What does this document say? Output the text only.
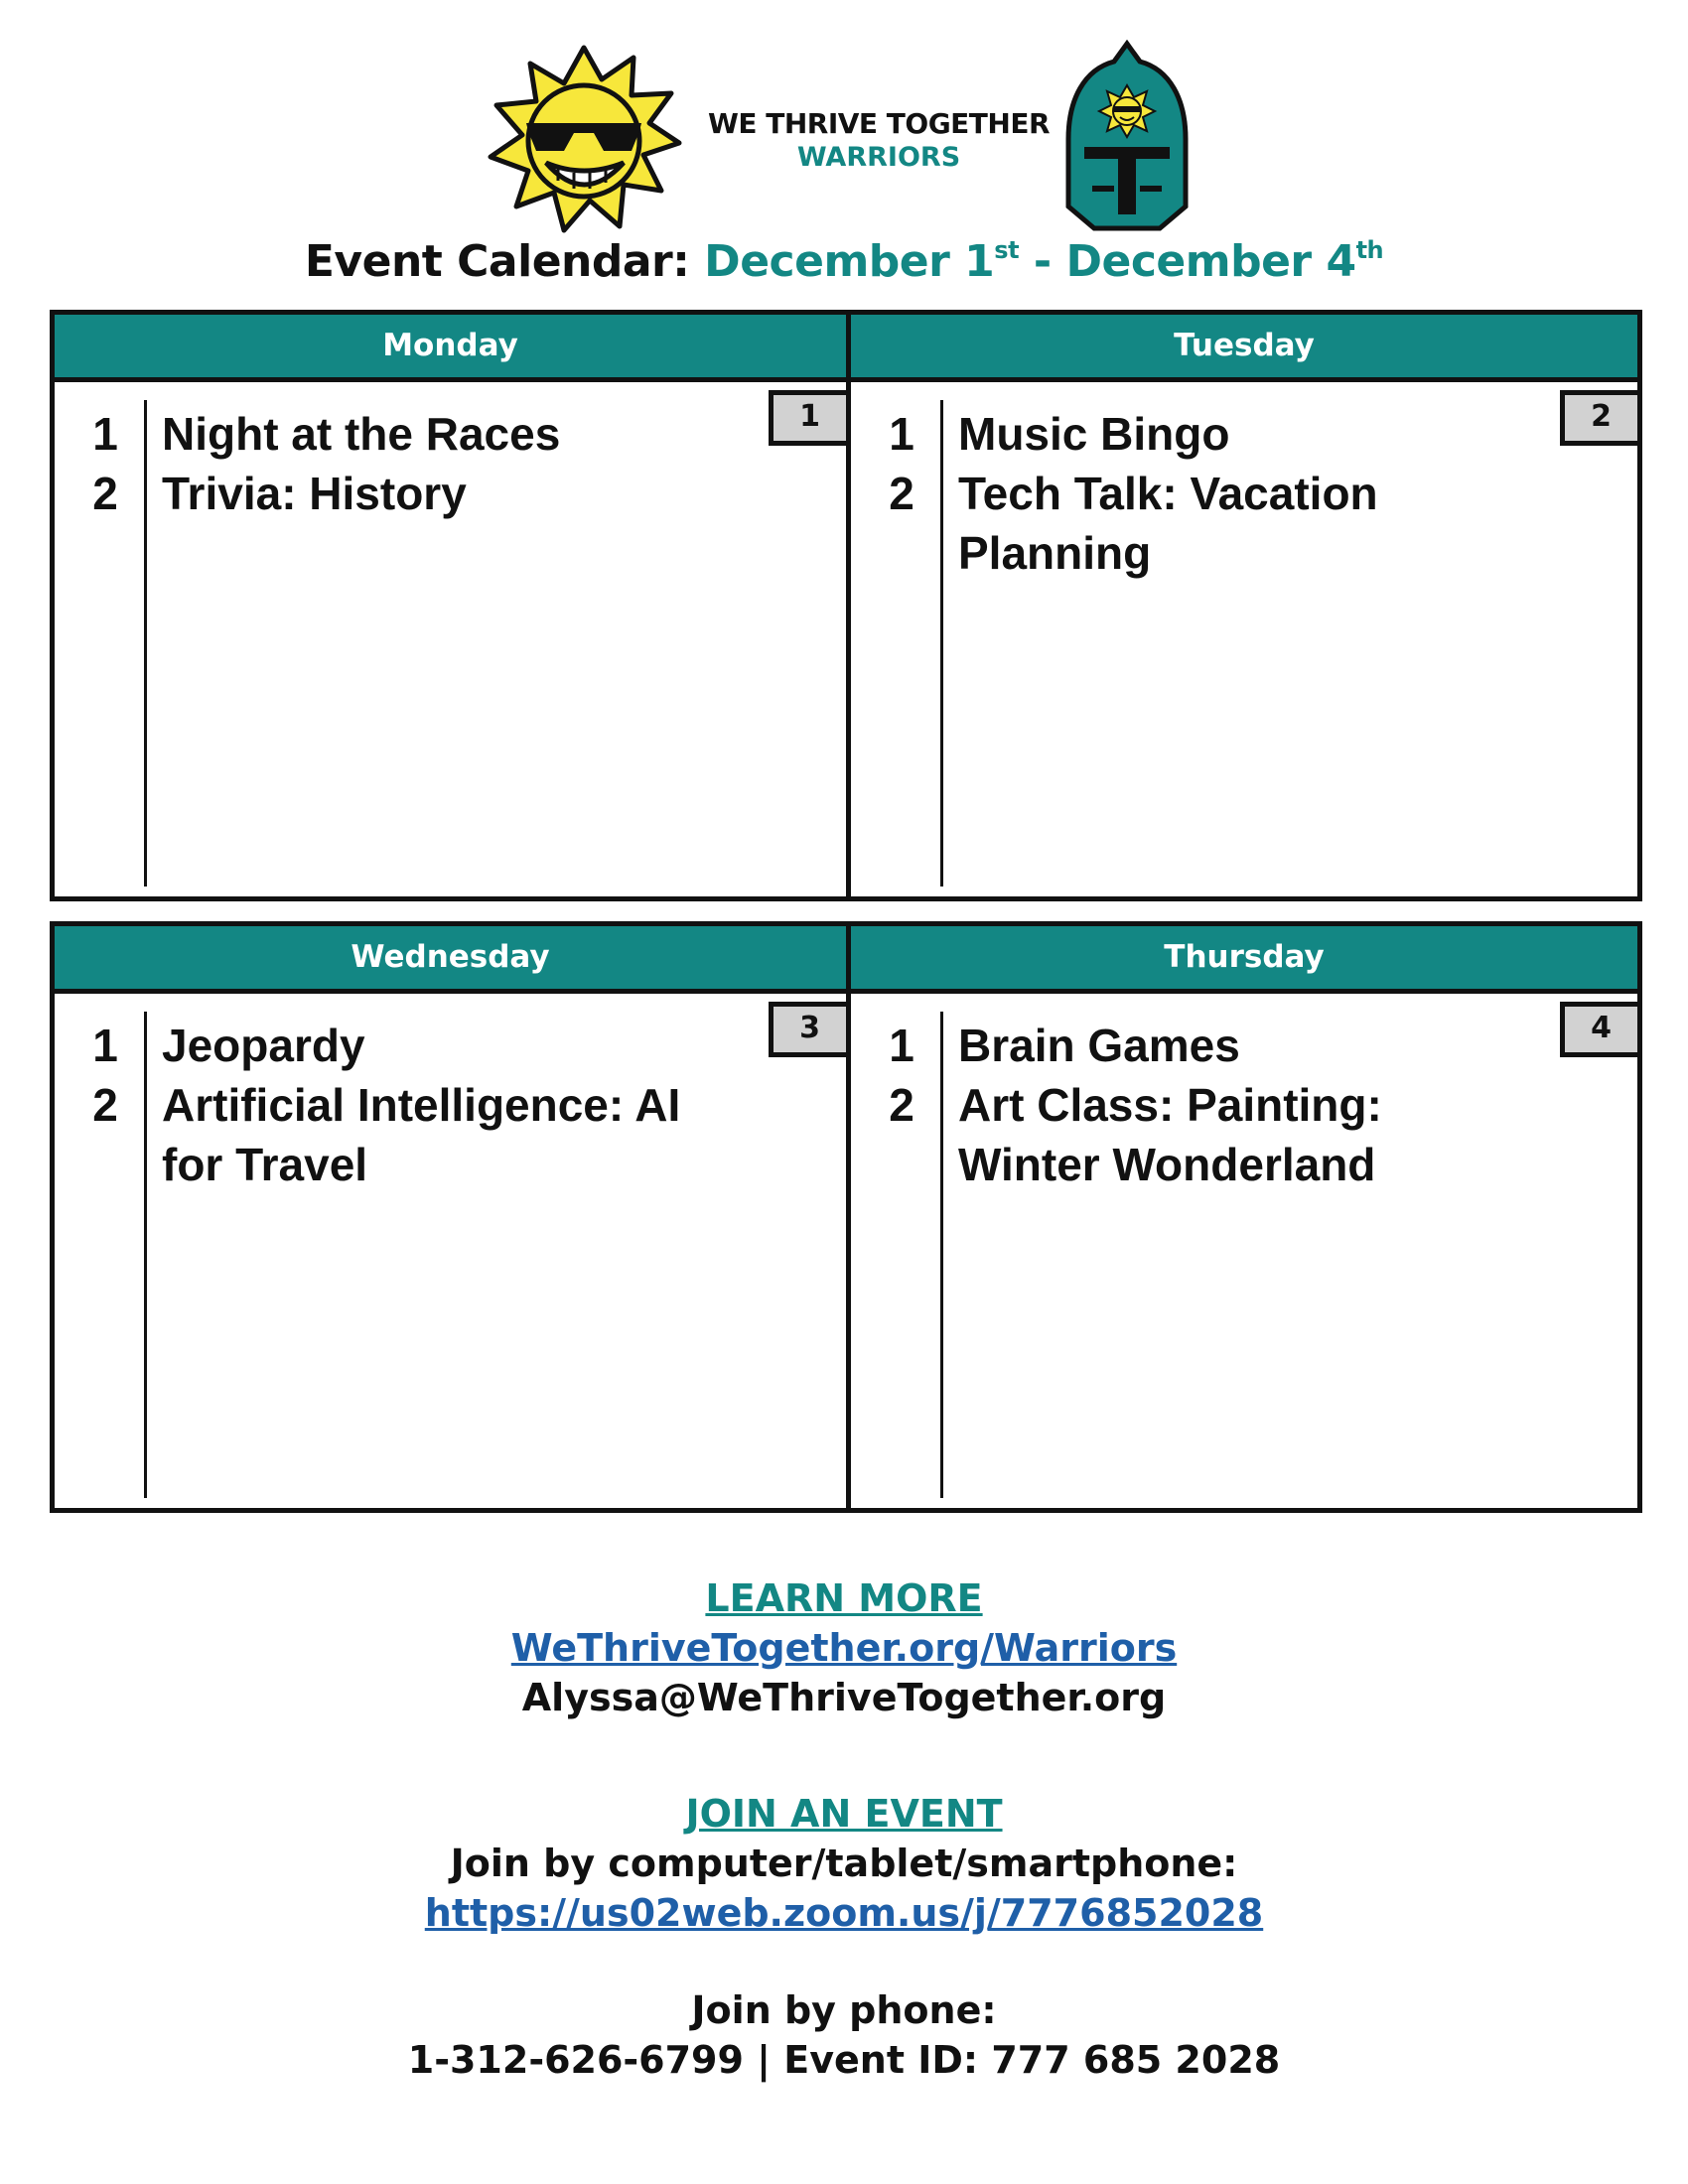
WE THRIVE TOGETHER
WARRIORS
Event Calendar: December 1st - December 4th
Monday
1
1 Night at the Races
2 Trivia: History
Tuesday
2
1 Music Bingo
2 Tech Talk: Vacation Planning
Wednesday
3
1 Jeopardy
2 Artificial Intelligence: AI for Travel
Thursday
4
1 Brain Games
2 Art Class: Painting: Winter Wonderland
LEARN MORE
WeThriveTogether.org/Warriors
Alyssa@WeThriveTogether.org
JOIN AN EVENT
Join by computer/tablet/smartphone:
https://us02web.zoom.us/j/7776852028
Join by phone:
1-312-626-6799 | Event ID: 777 685 2028
